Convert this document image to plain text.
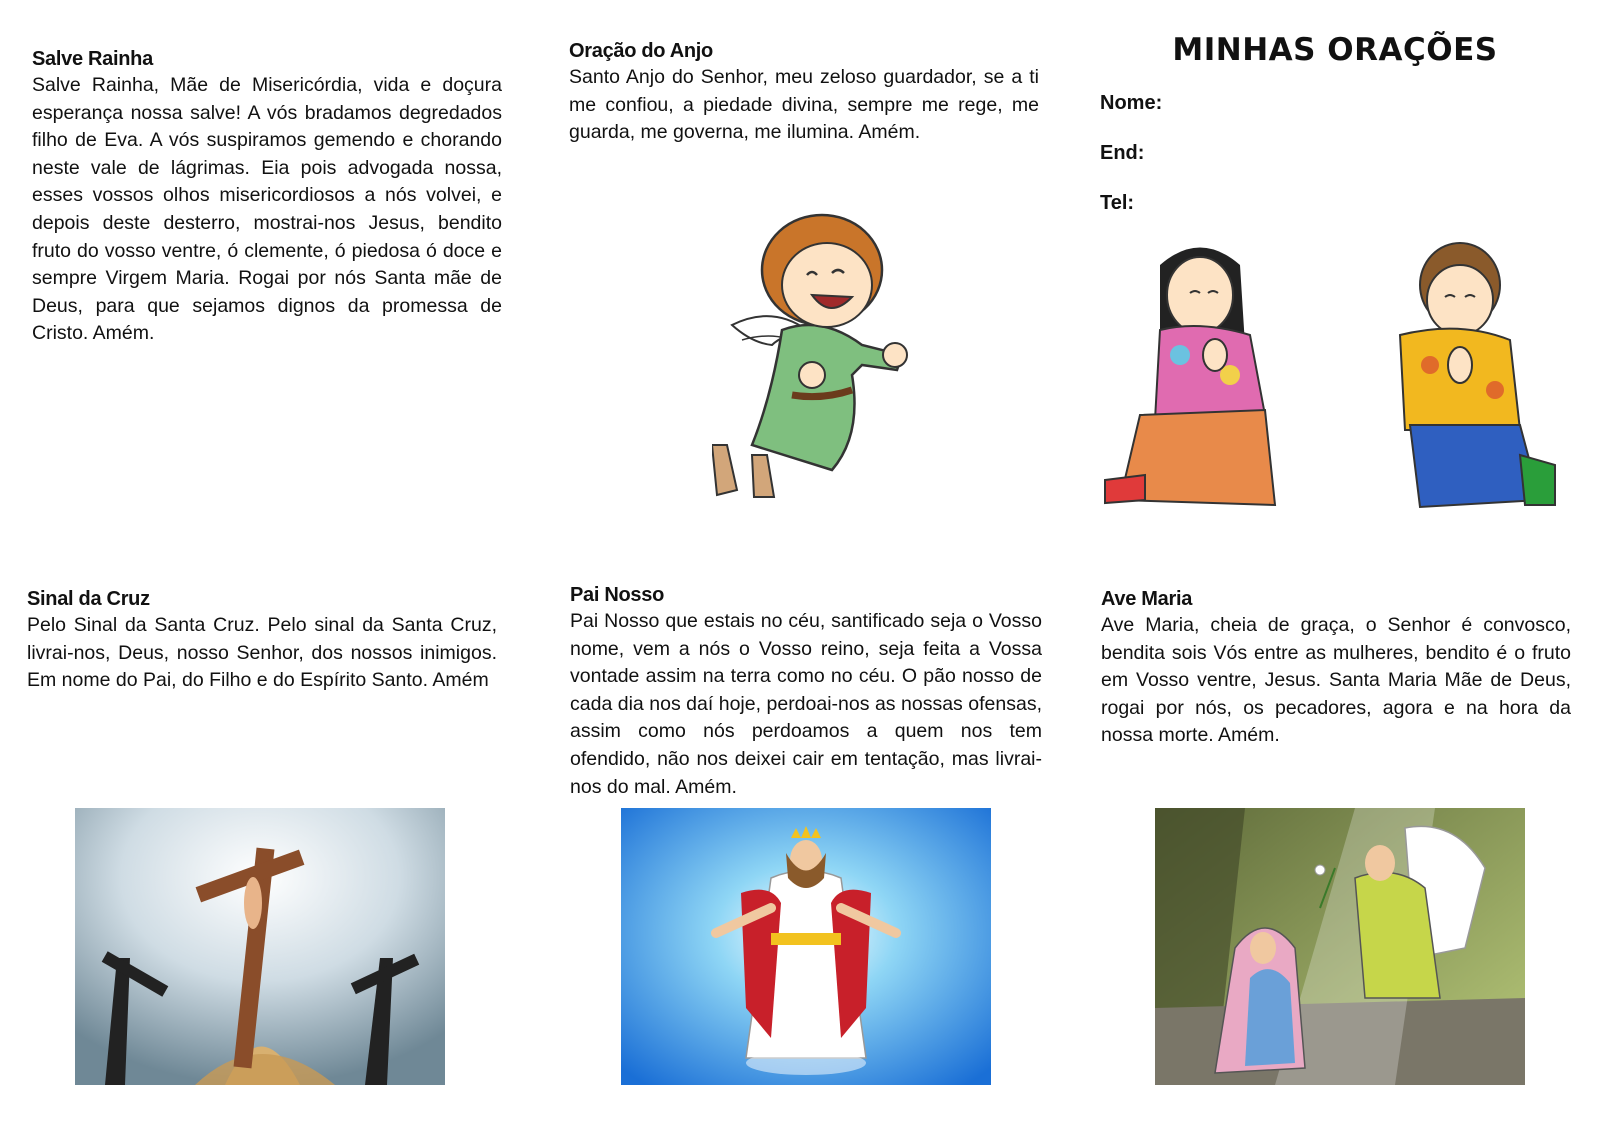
Salve Rainha

Salve Rainha, Mãe de Misericórdia, vida e doçura esperança nossa salve! A vós bradamos degredados filho de Eva. A vós suspiramos gemendo e chorando neste vale de lágrimas. Eia pois advogada nossa, esses vossos olhos misericordiosos a nós volvei, e depois deste desterro, mostrai-nos Jesus, bendito fruto do vosso ventre, ó clemente, ó piedosa ó doce e sempre Virgem Maria. Rogai por nós Santa mãe de Deus, para que sejamos dignos da promessa de Cristo. Amém.

Oração do Anjo

Santo Anjo do Senhor, meu zeloso guardador, se a ti me confiou, a piedade divina, sempre me rege, me guarda, me governa, me ilumina. Amém.

MINHAS ORAÇÕES
Nome:
End:
Tel:

Sinal da Cruz

Pelo Sinal da Santa Cruz. Pelo sinal da Santa Cruz, livrai-nos, Deus, nosso Senhor, dos nossos inimigos. Em nome do Pai, do Filho e do Espírito Santo. Amém

Pai Nosso

Pai Nosso que estais no céu, santificado seja o Vosso nome, vem a nós o Vosso reino, seja feita a Vossa vontade assim na terra como no céu. O pão nosso de cada dia nos daí hoje, perdoai-nos as nossas ofensas, assim como nós perdoamos a quem nos tem ofendido, não nos deixei cair em tentação, mas livrai-nos do mal. Amém.

Ave Maria

Ave Maria, cheia de graça, o Senhor é convosco, bendita sois Vós entre as mulheres, bendito é o fruto em Vosso ventre, Jesus. Santa Maria Mãe de Deus, rogai por nós, os pecadores, agora e na hora da nossa morte. Amém.
